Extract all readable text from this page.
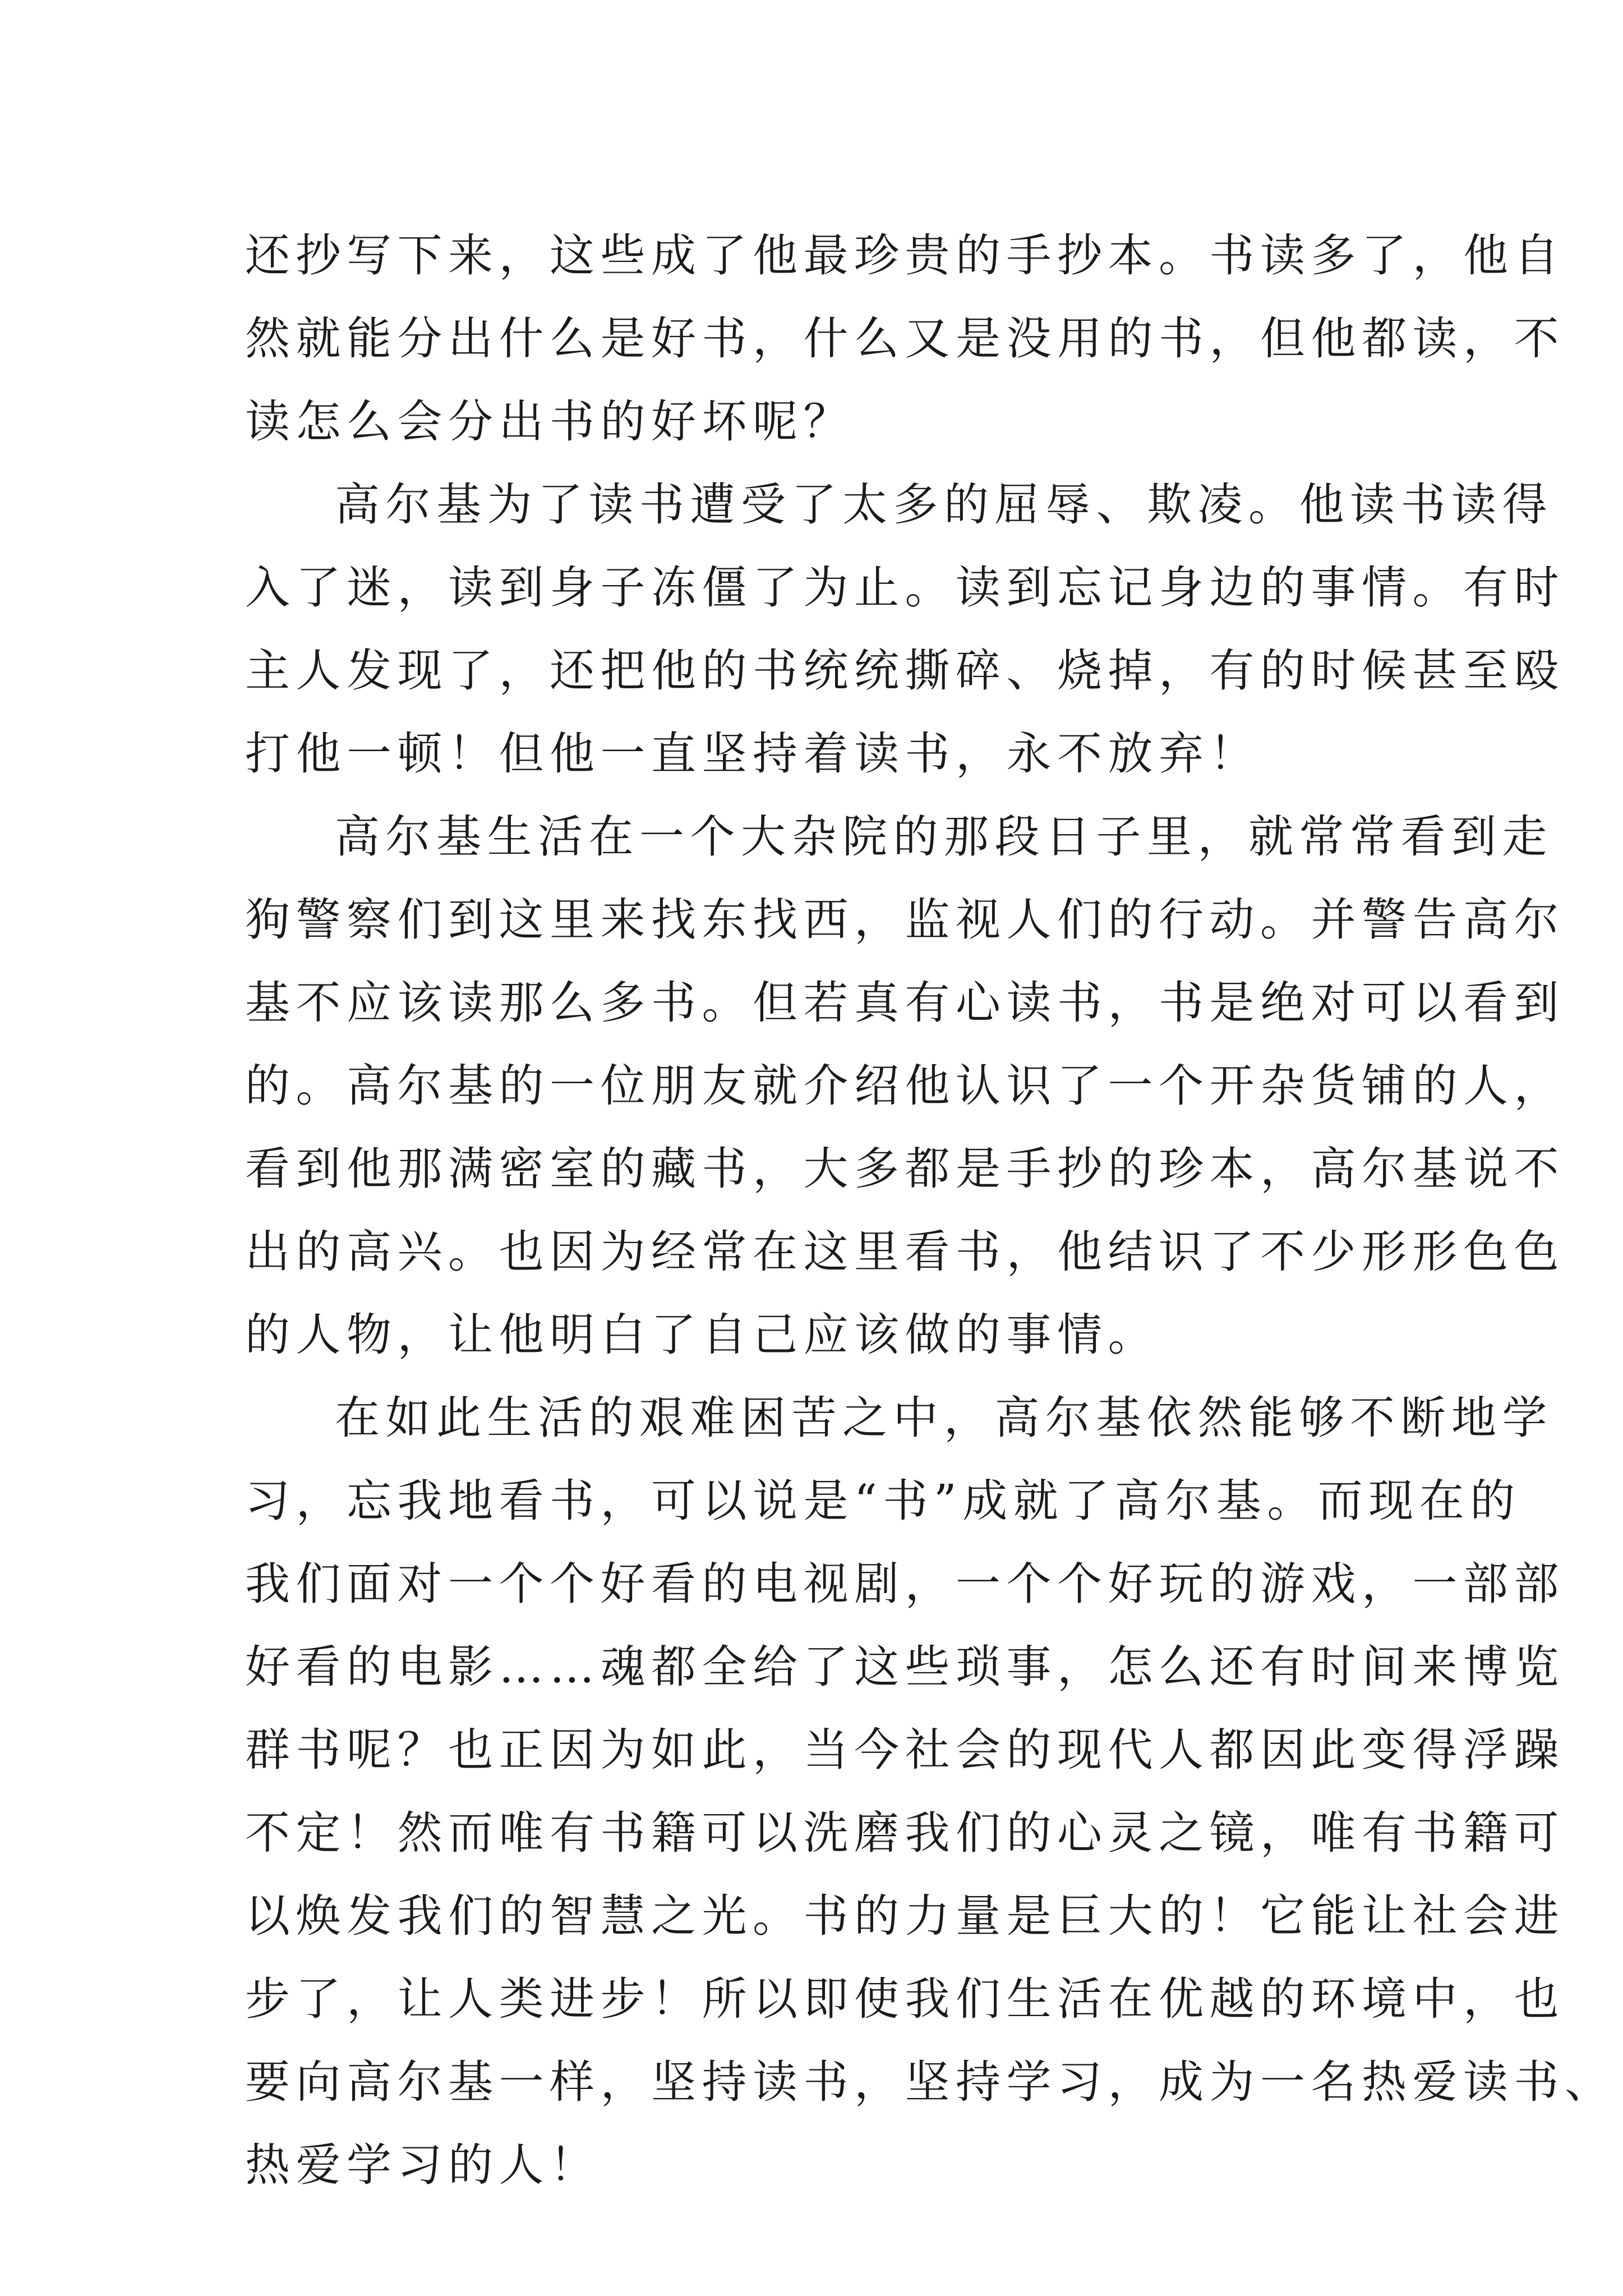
还抄写下来，这些成了他最珍贵的手抄本。书读多了，他自
然就能分出什么是好书，什么又是没用的书，但他都读，不
读怎么会分出书的好坏呢？
高尔基为了读书遭受了太多的屈辱、欺凌。他读书读得
入了迷，读到身子冻僵了为止。读到忘记身边的事情。有时
主人发现了，还把他的书统统撕碎、烧掉，有的时候甚至殴
打他一顿！但他一直坚持着读书，永不放弃！
高尔基生活在一个大杂院的那段日子里，就常常看到走
狗警察们到这里来找东找西，监视人们的行动。并警告高尔
基不应该读那么多书。但若真有心读书，书是绝对可以看到
的。高尔基的一位朋友就介绍他认识了一个开杂货铺的人，
看到他那满密室的藏书，大多都是手抄的珍本，高尔基说不
出的高兴。也因为经常在这里看书，他结识了不少形形色色
的人物，让他明白了自己应该做的事情。
在如此生活的艰难困苦之中，高尔基依然能够不断地学
习，忘我地看书，可以说是“书”成就了高尔基。而现在的
我们面对一个个好看的电视剧，一个个好玩的游戏，一部部
好看的电影……魂都全给了这些琐事，怎么还有时间来博览
群书呢？也正因为如此，当今社会的现代人都因此变得浮躁
不定！然而唯有书籍可以洗磨我们的心灵之镜，唯有书籍可
以焕发我们的智慧之光。书的力量是巨大的！它能让社会进
步了，让人类进步！所以即使我们生活在优越的环境中，也
要向高尔基一样，坚持读书，坚持学习，成为一名热爱读书、
热爱学习的人！
